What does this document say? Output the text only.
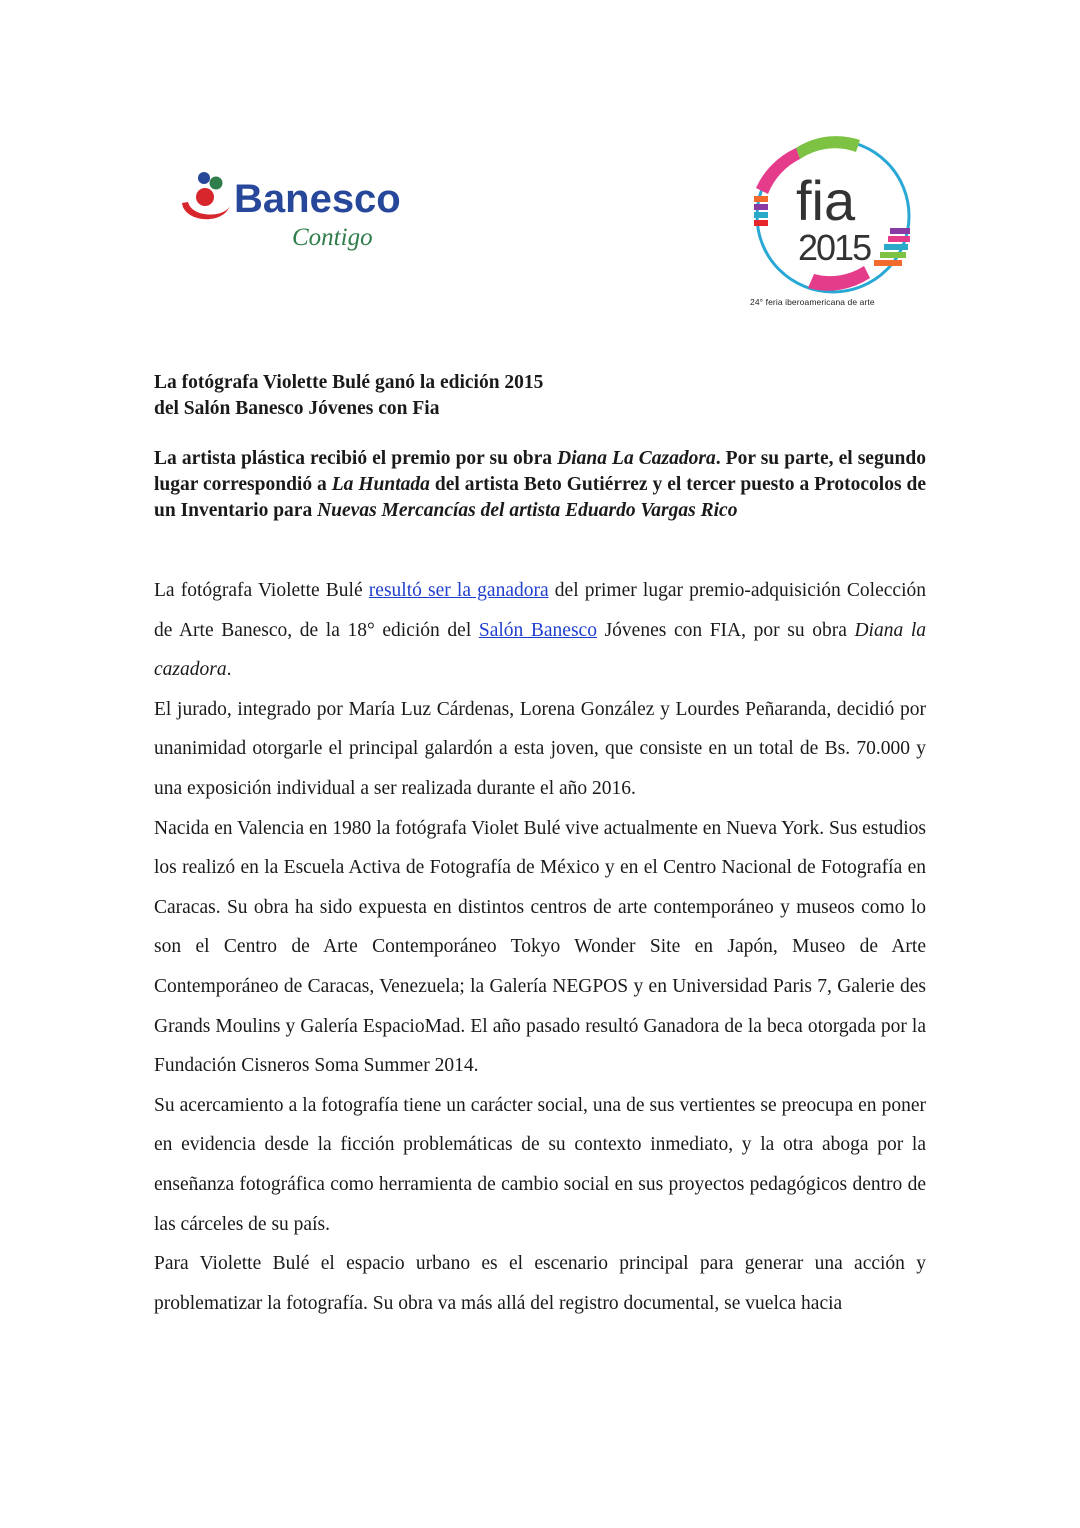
Banesco
Contigo
fia
2015
24° feria iberoamericana de arte
La fotógrafa Violette Bulé ganó la edición 2015
del Salón Banesco Jóvenes con Fia
La artista plástica recibió el premio por su obra Diana La Cazadora. Por su parte, el segundo lugar correspondió a La Huntada del artista Beto Gutiérrez y el tercer puesto a Protocolos de un Inventario para Nuevas Mercancías del artista Eduardo Vargas Rico

La fotógrafa Violette Bulé resultó ser la ganadora del primer lugar premio-adquisición Colección de Arte Banesco, de la 18° edición del Salón Banesco Jóvenes con FIA, por su obra Diana la cazadora.

El jurado, integrado por María Luz Cárdenas, Lorena González y Lourdes Peñaranda, decidió por unanimidad otorgarle el principal galardón a esta joven, que consiste en un total de Bs. 70.000 y una exposición individual a ser realizada durante el año 2016.

Nacida en Valencia en 1980 la fotógrafa Violet Bulé vive actualmente en Nueva York. Sus estudios los realizó en la Escuela Activa de Fotografía de México y en el Centro Nacional de Fotografía en Caracas. Su obra ha sido expuesta en distintos centros de arte contemporáneo y museos como lo son el Centro de Arte Contemporáneo Tokyo Wonder Site en Japón, Museo de Arte Contemporáneo de Caracas, Venezuela; la Galería NEGPOS y en Universidad Paris 7, Galerie des Grands Moulins y Galería EspacioMad. El año pasado resultó Ganadora de la beca otorgada por la Fundación Cisneros Soma Summer 2014.

Su acercamiento a la fotografía tiene un carácter social, una de sus vertientes se preocupa en poner en evidencia desde la ficción problemáticas de su contexto inmediato, y la otra aboga por la enseñanza fotográfica como herramienta de cambio social en sus proyectos pedagógicos dentro de las cárceles de su país.

Para Violette Bulé el espacio urbano es el escenario principal para generar una acción y problematizar la fotografía. Su obra va más allá del registro documental, se vuelca hacia
